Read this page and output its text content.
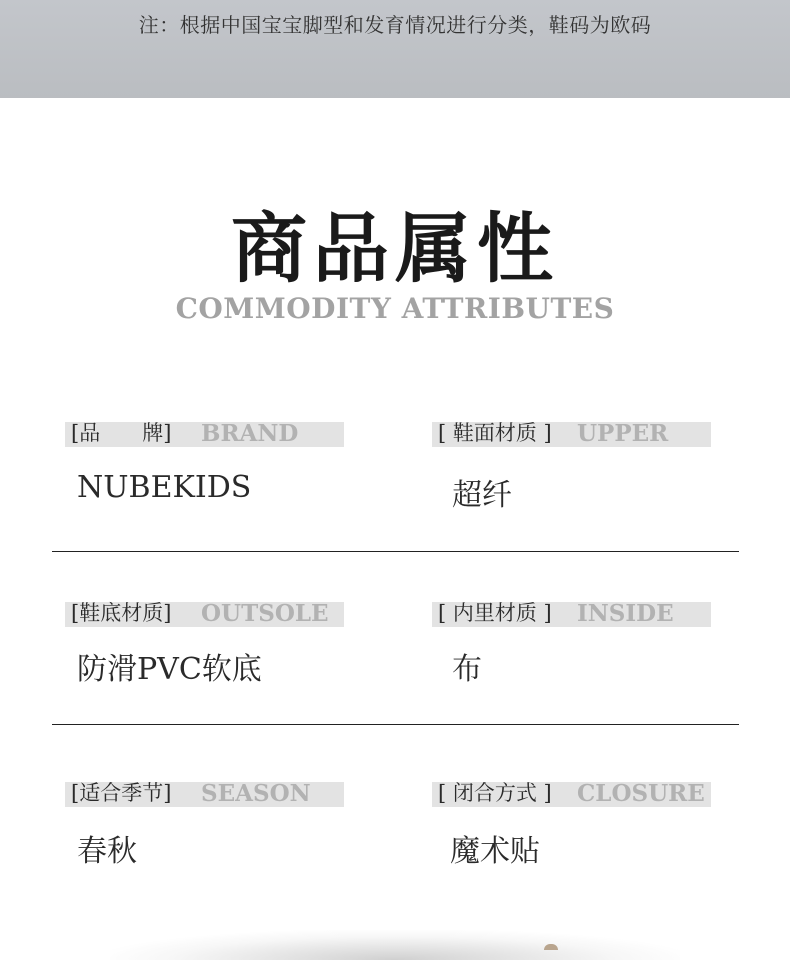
注：根据中国宝宝脚型和发育情况进行分类，鞋码为欧码
商品属性
COMMODITY ATTRIBUTES
[品　　牌] BRAND
NUBEKIDS
[ 鞋面材质 ] UPPER
超纤
[鞋底材质] OUTSOLE
防滑PVC软底
[ 内里材质 ] INSIDE
布
[适合季节] SEASON
春秋
[ 闭合方式 ] CLOSURE
魔术贴
